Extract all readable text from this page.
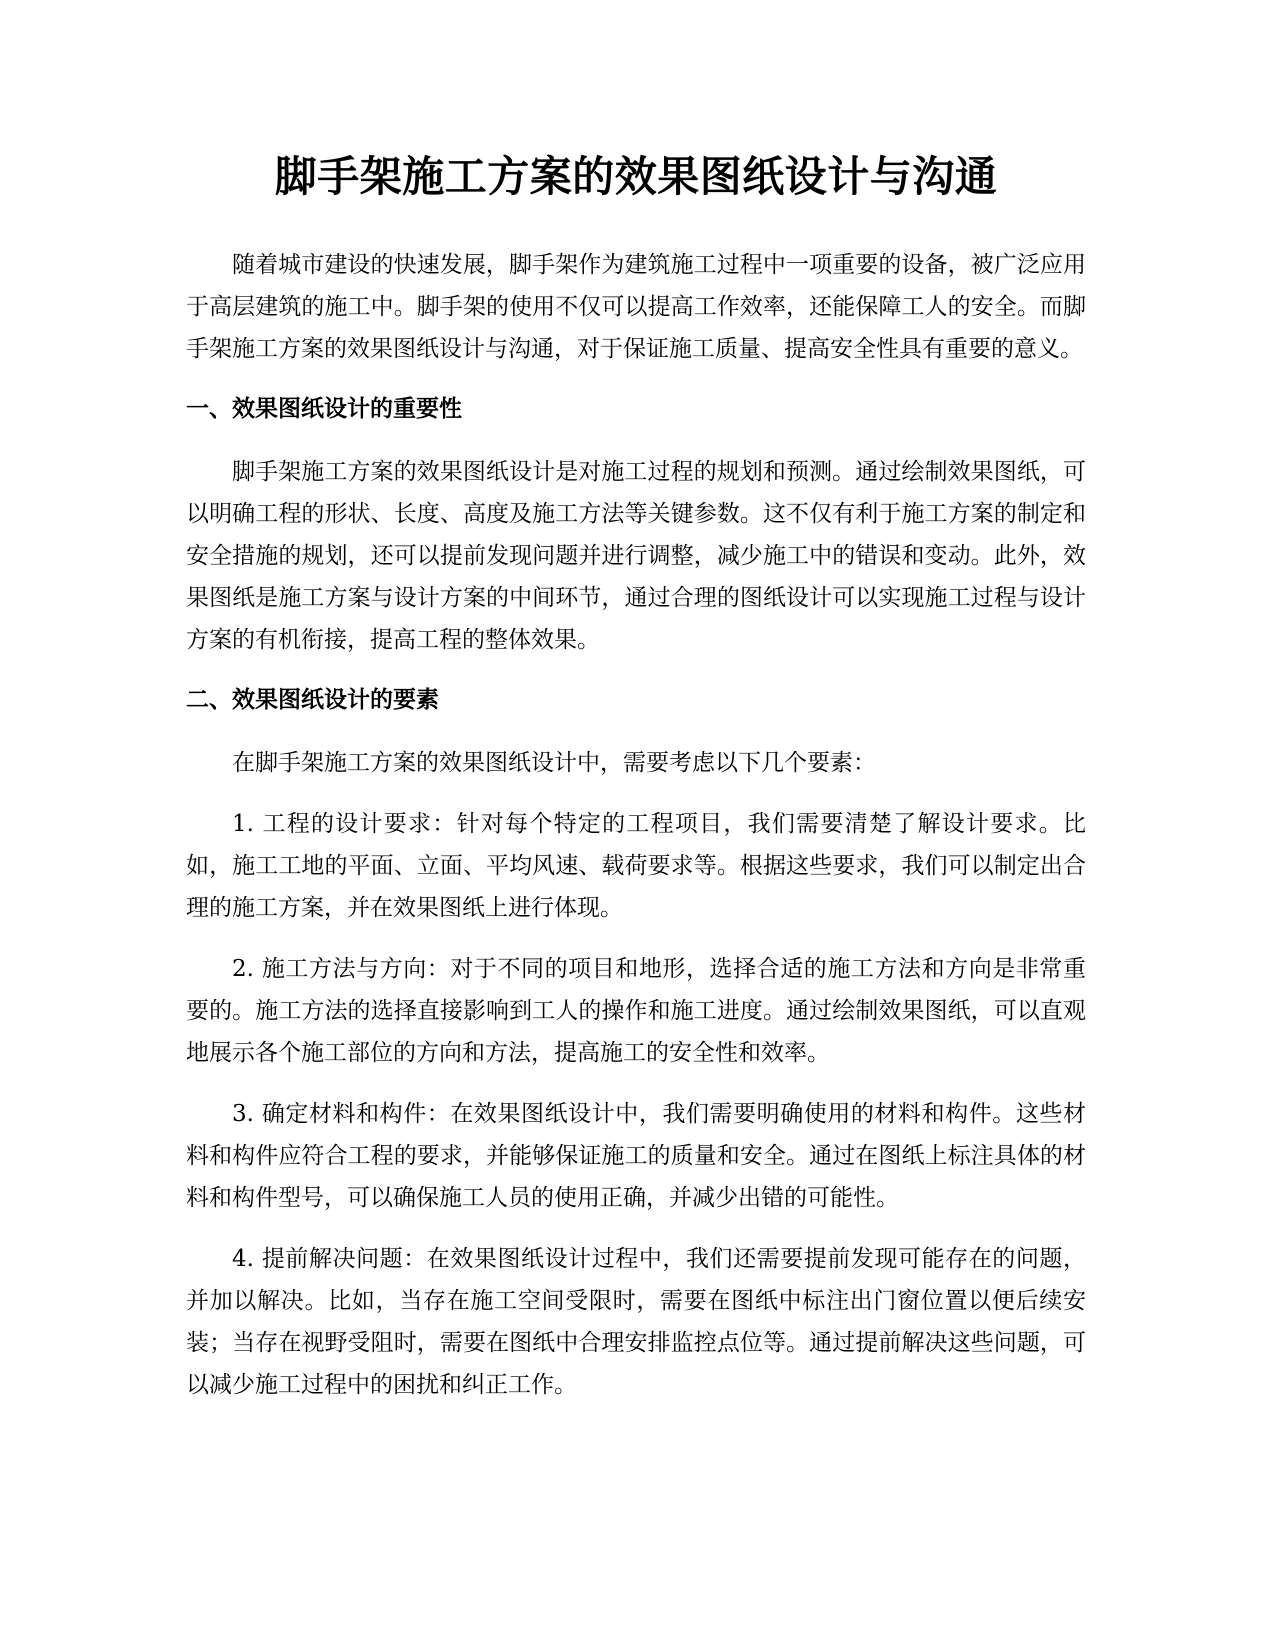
脚手架施工方案的效果图纸设计与沟通

随着城市建设的快速发展，脚手架作为建筑施工过程中一项重要的设备，被广泛应用于高层建筑的施工中。脚手架的使用不仅可以提高工作效率，还能保障工人的安全。而脚手架施工方案的效果图纸设计与沟通，对于保证施工质量、提高安全性具有重要的意义。

一、效果图纸设计的重要性

脚手架施工方案的效果图纸设计是对施工过程的规划和预测。通过绘制效果图纸，可以明确工程的形状、长度、高度及施工方法等关键参数。这不仅有利于施工方案的制定和安全措施的规划，还可以提前发现问题并进行调整，减少施工中的错误和变动。此外，效果图纸是施工方案与设计方案的中间环节，通过合理的图纸设计可以实现施工过程与设计方案的有机衔接，提高工程的整体效果。

二、效果图纸设计的要素

在脚手架施工方案的效果图纸设计中，需要考虑以下几个要素：

1. 工程的设计要求：针对每个特定的工程项目，我们需要清楚了解设计要求。比如，施工工地的平面、立面、平均风速、载荷要求等。根据这些要求，我们可以制定出合理的施工方案，并在效果图纸上进行体现。

2. 施工方法与方向：对于不同的项目和地形，选择合适的施工方法和方向是非常重要的。施工方法的选择直接影响到工人的操作和施工进度。通过绘制效果图纸，可以直观地展示各个施工部位的方向和方法，提高施工的安全性和效率。

3. 确定材料和构件：在效果图纸设计中，我们需要明确使用的材料和构件。这些材料和构件应符合工程的要求，并能够保证施工的质量和安全。通过在图纸上标注具体的材料和构件型号，可以确保施工人员的使用正确，并减少出错的可能性。

4. 提前解决问题：在效果图纸设计过程中，我们还需要提前发现可能存在的问题，并加以解决。比如，当存在施工空间受限时，需要在图纸中标注出门窗位置以便后续安装；当存在视野受阻时，需要在图纸中合理安排监控点位等。通过提前解决这些问题，可以减少施工过程中的困扰和纠正工作。
